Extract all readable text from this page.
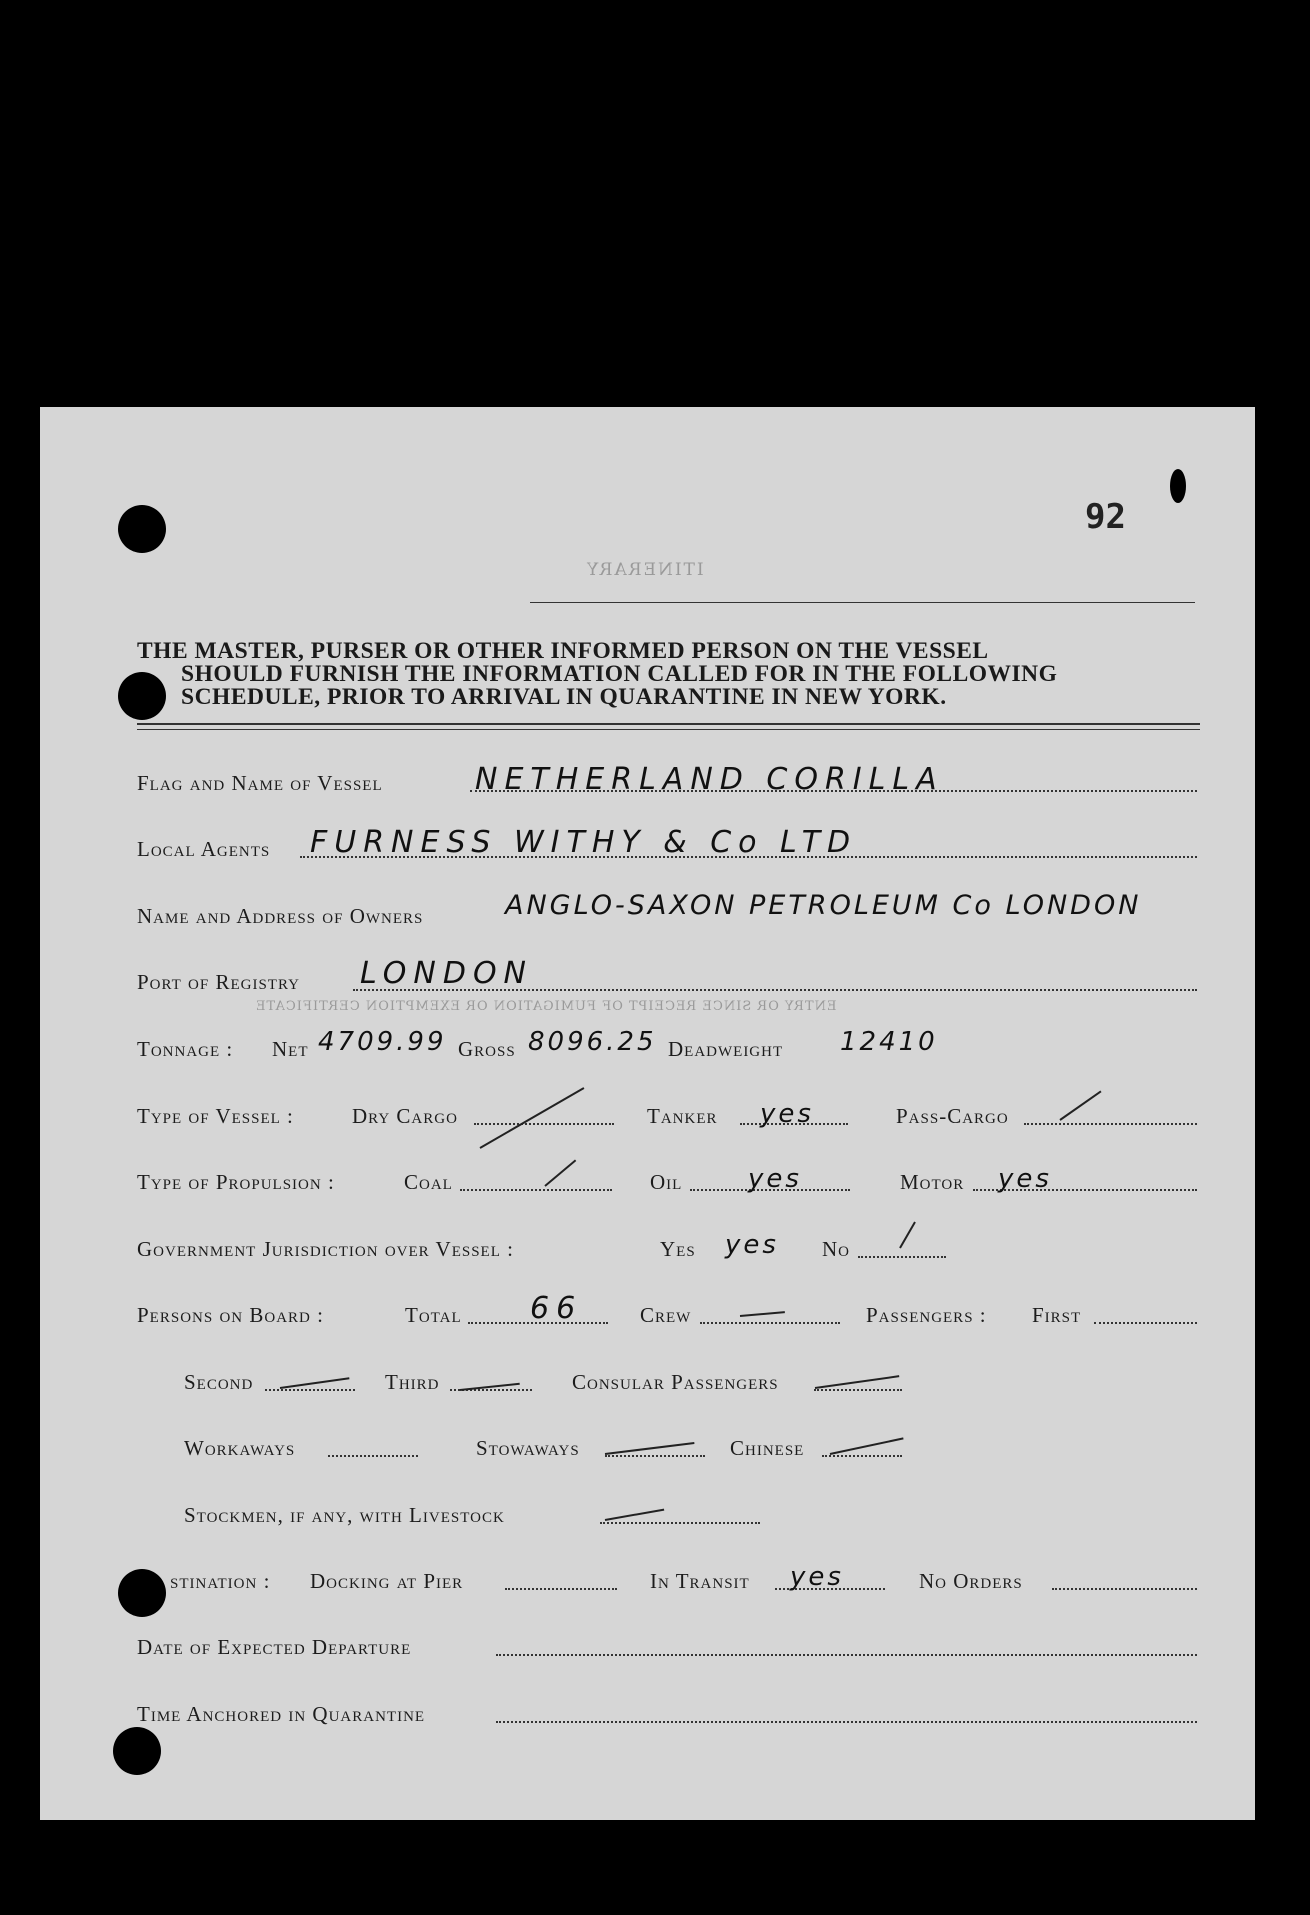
92
ITINERARY
THE MASTER, PURSER OR OTHER INFORMED PERSON ON THE VESSEL
SHOULD FURNISH THE INFORMATION CALLED FOR IN THE FOLLOWING
SCHEDULE, PRIOR TO ARRIVAL IN QUARANTINE IN NEW YORK.
Flag and Name of Vessel	NETHERLAND CORILLA
Local Agents FURNESS WITHY & Co LTD
Name and Address of Owners	ANGLO-SAXON PETROLEUM Co LONDON
Port of Registry LONDON
ENTRY OR SINCE RECEIPT OF FUMIGATION OR EXEMPTION CERTIFICATE
Tonnage : Net 4709.99 Gross 8096.25 Deadweight 12410
Type of Vessel :	Dry Cargo	Tanker yes	Pass-Cargo
Type of Propulsion :	Coal	Oil	yes	Motor yes
Government Jurisdiction over Vessel :	Yes yes No
Persons on Board :	Total 66	Crew	Passengers : First
Second	Third	Consular Passengers
Workaways	Stowaways	Chinese
Stockmen, if any, with Livestock
stination : Docking at Pier	In Transit yes	No Orders
Date of Expected Departure
Time Anchored in Quarantine
